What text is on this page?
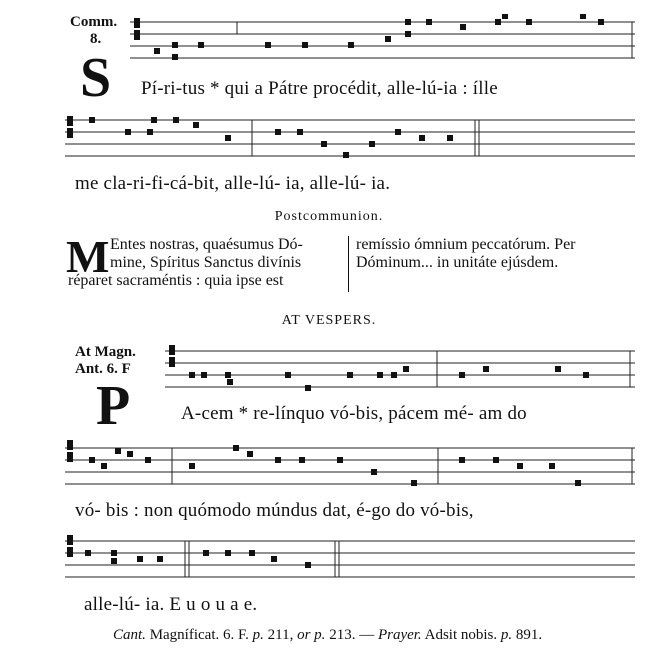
Comm.
8.
S Pí-ri-tus * qui a Pátre procédit, alle-lú-ia : ílle
me cla-ri-fi-cá-bit, alle-lú- ia, alle-lú- ia.
Postcommunion.
M Entes nostras, quaésumus Dó-
mine, Spíritus Sanctus divínis
réparet sacraméntis : quia ipse est
remíssio ómnium peccatórum. Per
Dóminum... in unitáte ejúsdem.
AT VESPERS.
At Magn.
Ant. 6. F
P	A-cem * re-línquo vó-bis, pácem mé- am do
vó- bis : non quómodo múndus dat, é-go do vó-bis,
alle-lú- ia. E u o u a e.
Cant. Magníficat. 6. F. p. 211, or p. 213. — Prayer. Adsit nobis. p. 891.
